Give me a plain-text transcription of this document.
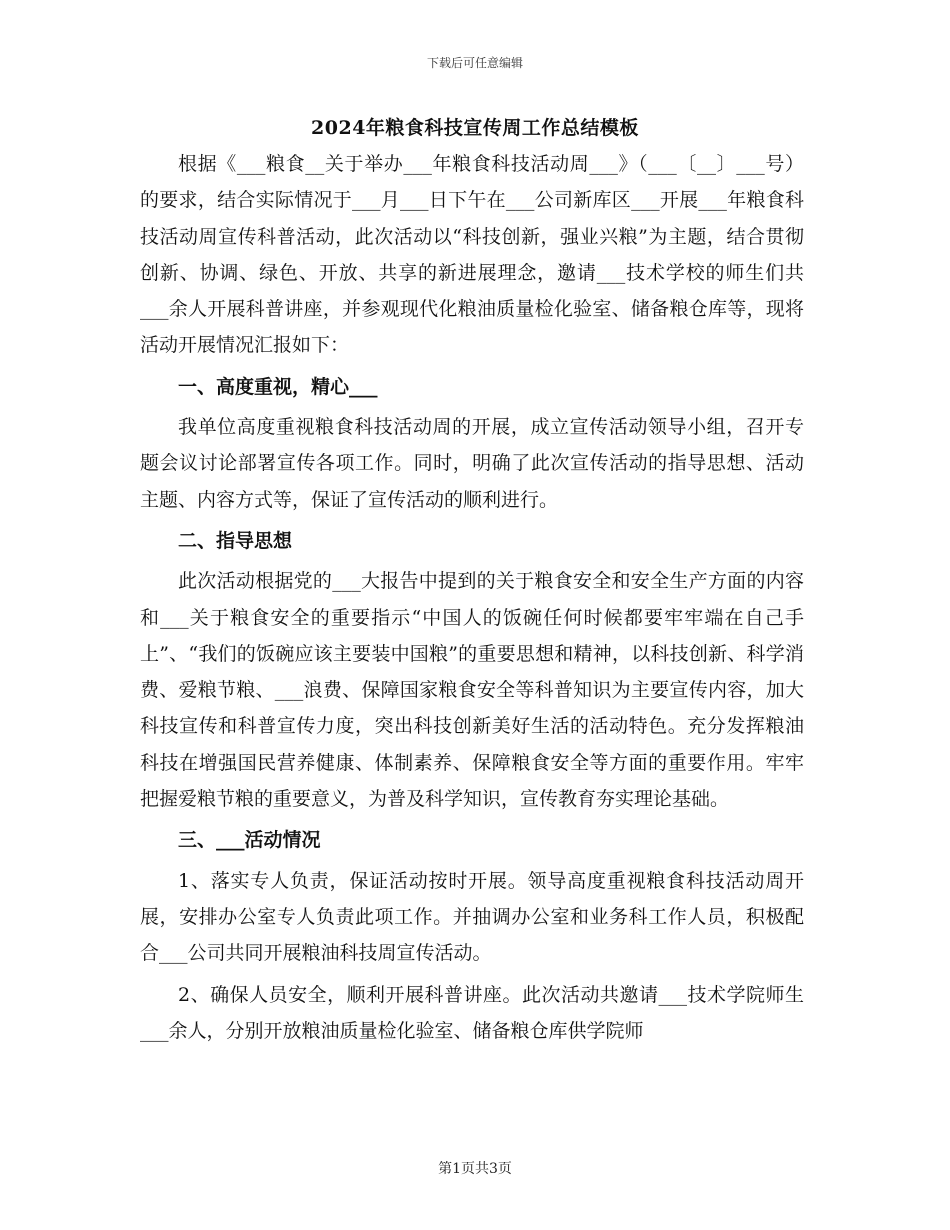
下载后可任意编辑
2024年粮食科技宣传周工作总结模板

根据《___粮食__关于举办___年粮食科技活动周___》（___〔__〕___号）的要求，结合实际情况于___月___日下午在___公司新库区___开展___年粮食科技活动周宣传科普活动，此次活动以“科技创新，强业兴粮”为主题，结合贯彻创新、协调、绿色、开放、共享的新进展理念，邀请___技术学校的师生们共___余人开展科普讲座，并参观现代化粮油质量检化验室、储备粮仓库等，现将活动开展情况汇报如下：

一、高度重视，精心___

我单位高度重视粮食科技活动周的开展，成立宣传活动领导小组，召开专题会议讨论部署宣传各项工作。同时，明确了此次宣传活动的指导思想、活动主题、内容方式等，保证了宣传活动的顺利进行。

二、指导思想

此次活动根据党的___大报告中提到的关于粮食安全和安全生产方面的内容和___关于粮食安全的重要指示“中国人的饭碗任何时候都要牢牢端在自己手上”、“我们的饭碗应该主要装中国粮”的重要思想和精神，以科技创新、科学消费、爱粮节粮、___浪费、保障国家粮食安全等科普知识为主要宣传内容，加大科技宣传和科普宣传力度，突出科技创新美好生活的活动特色。充分发挥粮油科技在增强国民营养健康、体制素养、保障粮食安全等方面的重要作用。牢牢把握爱粮节粮的重要意义，为普及科学知识，宣传教育夯实理论基础。

三、___活动情况

1、落实专人负责，保证活动按时开展。领导高度重视粮食科技活动周开展，安排办公室专人负责此项工作。并抽调办公室和业务科工作人员，积极配合___公司共同开展粮油科技周宣传活动。

2、确保人员安全，顺利开展科普讲座。此次活动共邀请___技术学院师生___余人，分别开放粮油质量检化验室、储备粮仓库供学院师

第1页共3页
